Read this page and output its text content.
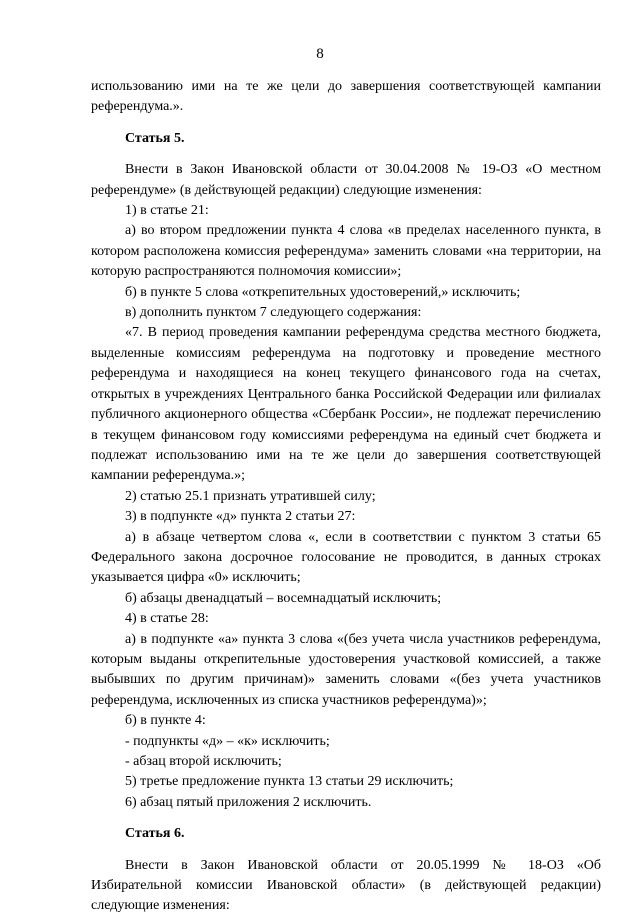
8

использованию ими на те же цели до завершения соответствующей кампании референдума.».

Статья 5.

Внести в Закон Ивановской области от 30.04.2008 № 19-ОЗ «О местном референдуме» (в действующей редакции) следующие изменения:

1) в статье 21:

а) во втором предложении пункта 4 слова «в пределах населенного пункта, в котором расположена комиссия референдума» заменить словами «на территории, на которую распространяются полномочия комиссии»;

б) в пункте 5 слова «открепительных удостоверений,» исключить;

в) дополнить пунктом 7 следующего содержания:

«7. В период проведения кампании референдума средства местного бюджета, выделенные комиссиям референдума на подготовку и проведение местного референдума и находящиеся на конец текущего финансового года на счетах, открытых в учреждениях Центрального банка Российской Федерации или филиалах публичного акционерного общества «Сбербанк России», не подлежат перечислению в текущем финансовом году комиссиями референдума на единый счет бюджета и подлежат использованию ими на те же цели до завершения соответствующей кампании референдума.»;

2) статью 25.1 признать утратившей силу;

3) в подпункте «д» пункта 2 статьи 27:

а) в абзаце четвертом слова «, если в соответствии с пунктом 3 статьи 65 Федерального закона досрочное голосование не проводится, в данных строках указывается цифра «0» исключить;

б) абзацы двенадцатый – восемнадцатый исключить;

4) в статье 28:

а) в подпункте «а» пункта 3 слова «(без учета числа участников референдума, которым выданы открепительные удостоверения участковой комиссией, а также выбывших по другим причинам)» заменить словами «(без учета участников референдума, исключенных из списка участников референдума)»;

б) в пункте 4:

- подпункты «д» – «к» исключить;

- абзац второй исключить;

5) третье предложение пункта 13 статьи 29 исключить;

6) абзац пятый приложения 2 исключить.

Статья 6.

Внести в Закон Ивановской области от 20.05.1999 № 18-ОЗ «Об Избирательной комиссии Ивановской области» (в действующей редакции) следующие изменения:
